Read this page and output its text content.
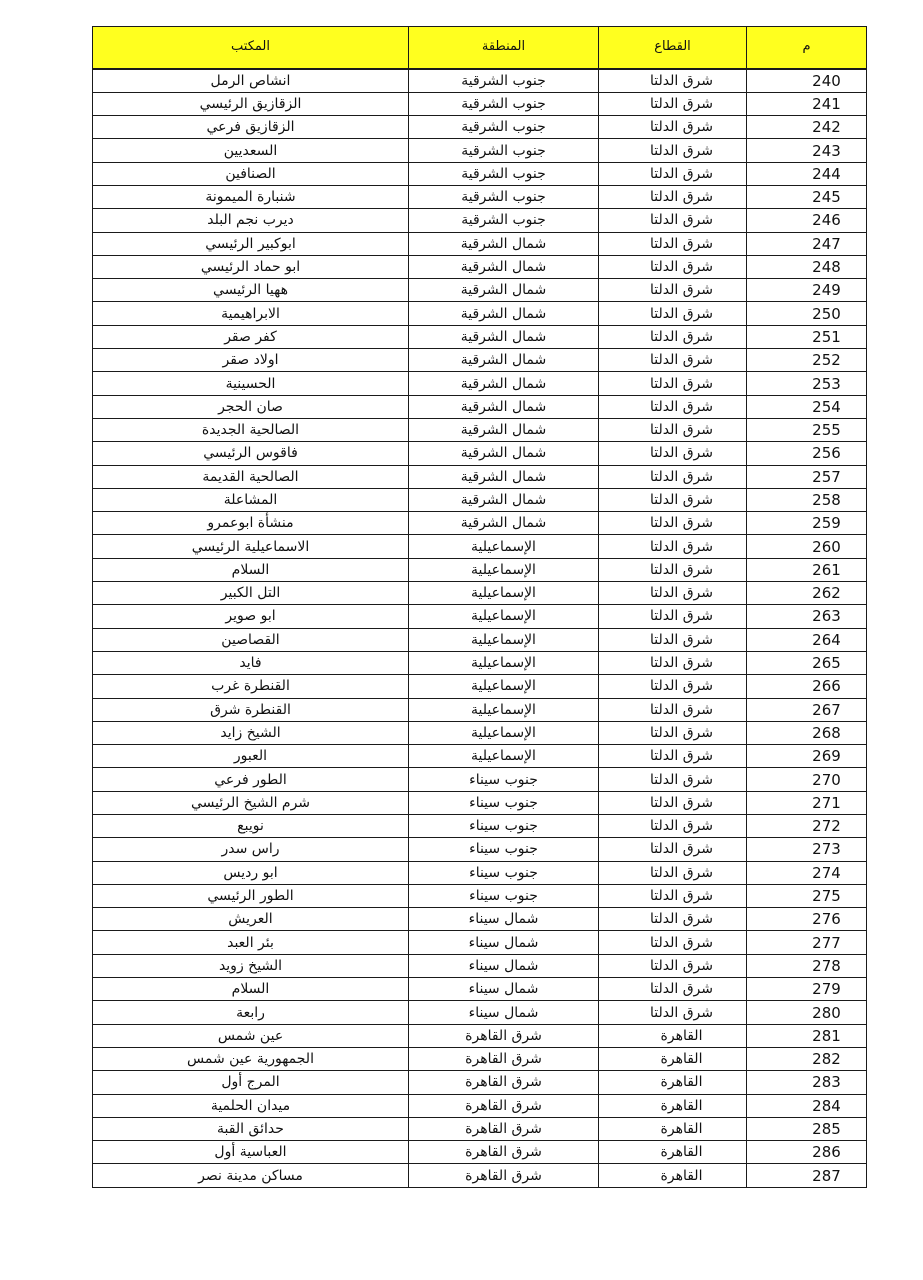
المكتب	المنطقة	القطاع	م
انشاص الرمل	جنوب الشرقية	شرق الدلتا	240
الزقازيق الرئيسي	جنوب الشرقية	شرق الدلتا	241
الزقازيق فرعي	جنوب الشرقية	شرق الدلتا	242
السعديين	جنوب الشرقية	شرق الدلتا	243
الصنافين	جنوب الشرقية	شرق الدلتا	244
شنبارة الميمونة	جنوب الشرقية	شرق الدلتا	245
ديرب نجم البلد	جنوب الشرقية	شرق الدلتا	246
ابوكبير الرئيسي	شمال الشرقية	شرق الدلتا	247
ابو حماد الرئيسي	شمال الشرقية	شرق الدلتا	248
ههيا الرئيسي	شمال الشرقية	شرق الدلتا	249
الابراهيمية	شمال الشرقية	شرق الدلتا	250
كفر صقر	شمال الشرقية	شرق الدلتا	251
اولاد صقر	شمال الشرقية	شرق الدلتا	252
الحسينية	شمال الشرقية	شرق الدلتا	253
صان الحجر	شمال الشرقية	شرق الدلتا	254
الصالحية الجديدة	شمال الشرقية	شرق الدلتا	255
فاقوس الرئيسي	شمال الشرقية	شرق الدلتا	256
الصالحية القديمة	شمال الشرقية	شرق الدلتا	257
المشاعلة	شمال الشرقية	شرق الدلتا	258
منشأة ابوعمرو	شمال الشرقية	شرق الدلتا	259
الاسماعيلية الرئيسي	الإسماعيلية	شرق الدلتا	260
السلام	الإسماعيلية	شرق الدلتا	261
التل الكبير	الإسماعيلية	شرق الدلتا	262
ابو صوير	الإسماعيلية	شرق الدلتا	263
القصاصين	الإسماعيلية	شرق الدلتا	264
فايد	الإسماعيلية	شرق الدلتا	265
القنطرة غرب	الإسماعيلية	شرق الدلتا	266
القنطرة شرق	الإسماعيلية	شرق الدلتا	267
الشيخ زايد	الإسماعيلية	شرق الدلتا	268
العبور	الإسماعيلية	شرق الدلتا	269
الطور فرعي	جنوب سيناء	شرق الدلتا	270
شرم الشيخ الرئيسي	جنوب سيناء	شرق الدلتا	271
نويبع	جنوب سيناء	شرق الدلتا	272
راس سدر	جنوب سيناء	شرق الدلتا	273
ابو رديس	جنوب سيناء	شرق الدلتا	274
الطور الرئيسي	جنوب سيناء	شرق الدلتا	275
العريش	شمال سيناء	شرق الدلتا	276
بئر العبد	شمال سيناء	شرق الدلتا	277
الشيخ زويد	شمال سيناء	شرق الدلتا	278
السلام	شمال سيناء	شرق الدلتا	279
رابعة	شمال سيناء	شرق الدلتا	280
عين شمس	شرق القاهرة	القاهرة	281
الجمهورية عين شمس	شرق القاهرة	القاهرة	282
المرج أول	شرق القاهرة	القاهرة	283
ميدان الحلمية	شرق القاهرة	القاهرة	284
حدائق القبة	شرق القاهرة	القاهرة	285
العباسية أول	شرق القاهرة	القاهرة	286
مساكن مدينة نصر	شرق القاهرة	القاهرة	287
